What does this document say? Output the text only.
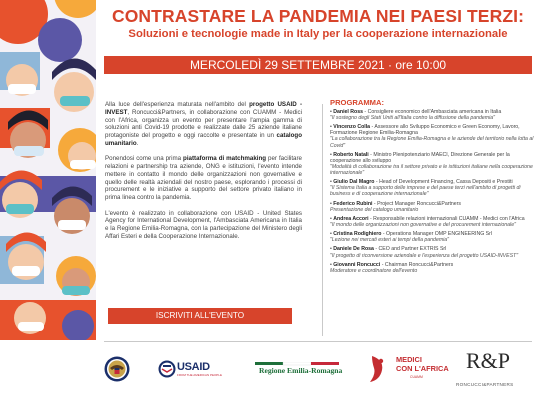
CONTRASTARE LA PANDEMIA NEI PAESI TERZI:
Soluzioni e tecnologie made in Italy per la cooperazione internazionale
MERCOLEDÌ 29 SETTEMBRE 2021 · ore 10:00

Alla luce dell'esperienza maturata nell'ambito del progetto USAID - INVEST, Roncucci&Partners, in collaborazione con CUAMM - Medici con l'Africa, organizza un evento per presentare l'ampia gamma di soluzioni anti Covid-19 prodotte e realizzate dalle 25 aziende italiane protagoniste del progetto e oggi raccolte e presentate in un catalogo umanitario.

Ponendosi come una prima piattaforma di matchmaking per facilitare relazioni e partnership tra aziende, ONG e istituzioni, l'evento intende mettere in contatto il mondo delle organizzazioni non governative e quello delle realtà aziendali del nostro paese, esplorando i processi di procurement e le iniziative a supporto del settore privato italiano in prima linea contro la pandemia.

L'evento è realizzato in collaborazione con USAID - United States Agency for International Development, l'Ambasciata Americana in Italia e la Regione Emilia-Romagna, con la partecipazione del Ministero degli Affari Esteri e della Cooperazione Internazionale.

ISCRIVITI ALL'EVENTO
PROGRAMMA:
• Daniel Ross - Consigliere economico dell'Ambasciata americana in Italia
"Il sostegno degli Stati Uniti all'Italia contro la diffusione della pandemia"
• Vincenzo Colla - Assessore allo Sviluppo Economico e Green Economy, Lavoro, Formazione Regione Emilia-Romagna
"La collaborazione tra la Regione Emilia-Romagna e le aziende del territorio nella lotta al Covid"
• Roberto Natali - Ministro Plenipotenziario MAECI, Direzione Generale per la cooperazione allo sviluppo
"Modalità di collaborazione tra il settore privato e le istituzioni italiane nella cooperazione internazionale"
• Giulio Dal Magro - Head of Development Financing, Cassa Depositi e Prestiti
"Il Sistema Italia a supporto delle imprese e del paese terzi nell'ambito di progetti di business e di cooperazione internazionale"
• Federico Rubini - Project Manager Roncucci&Partners
Presentazione del catalogo umanitario
• Andrea Accori - Responsabile relazioni internazionali CUAMM - Medici con l'Africa
"Il mondo delle organizzazioni non governative e del procurement internazionale"
• Cristina Rodighiero - Operations Manager OMP ENGINEERING Srl
"Lezione nei mercati esteri ai tempi della pandemia"
• Daniele De Rosa - CEO and Partner EXTRIS Srl
"Il progetto di riconversione aziendale e l'esperienza del progetto USAID-INVEST"
• Giovanni Roncucci - Chairman Roncucci&Partners
Moderatore e coordinatore dell'evento
USAID
FROM THE AMERICAN PEOPLE	Regione Emilia-Romagna
MEDICI
CON L'AFRICA
CUAMM
R&P
RONCUCCI&PARTNERS
